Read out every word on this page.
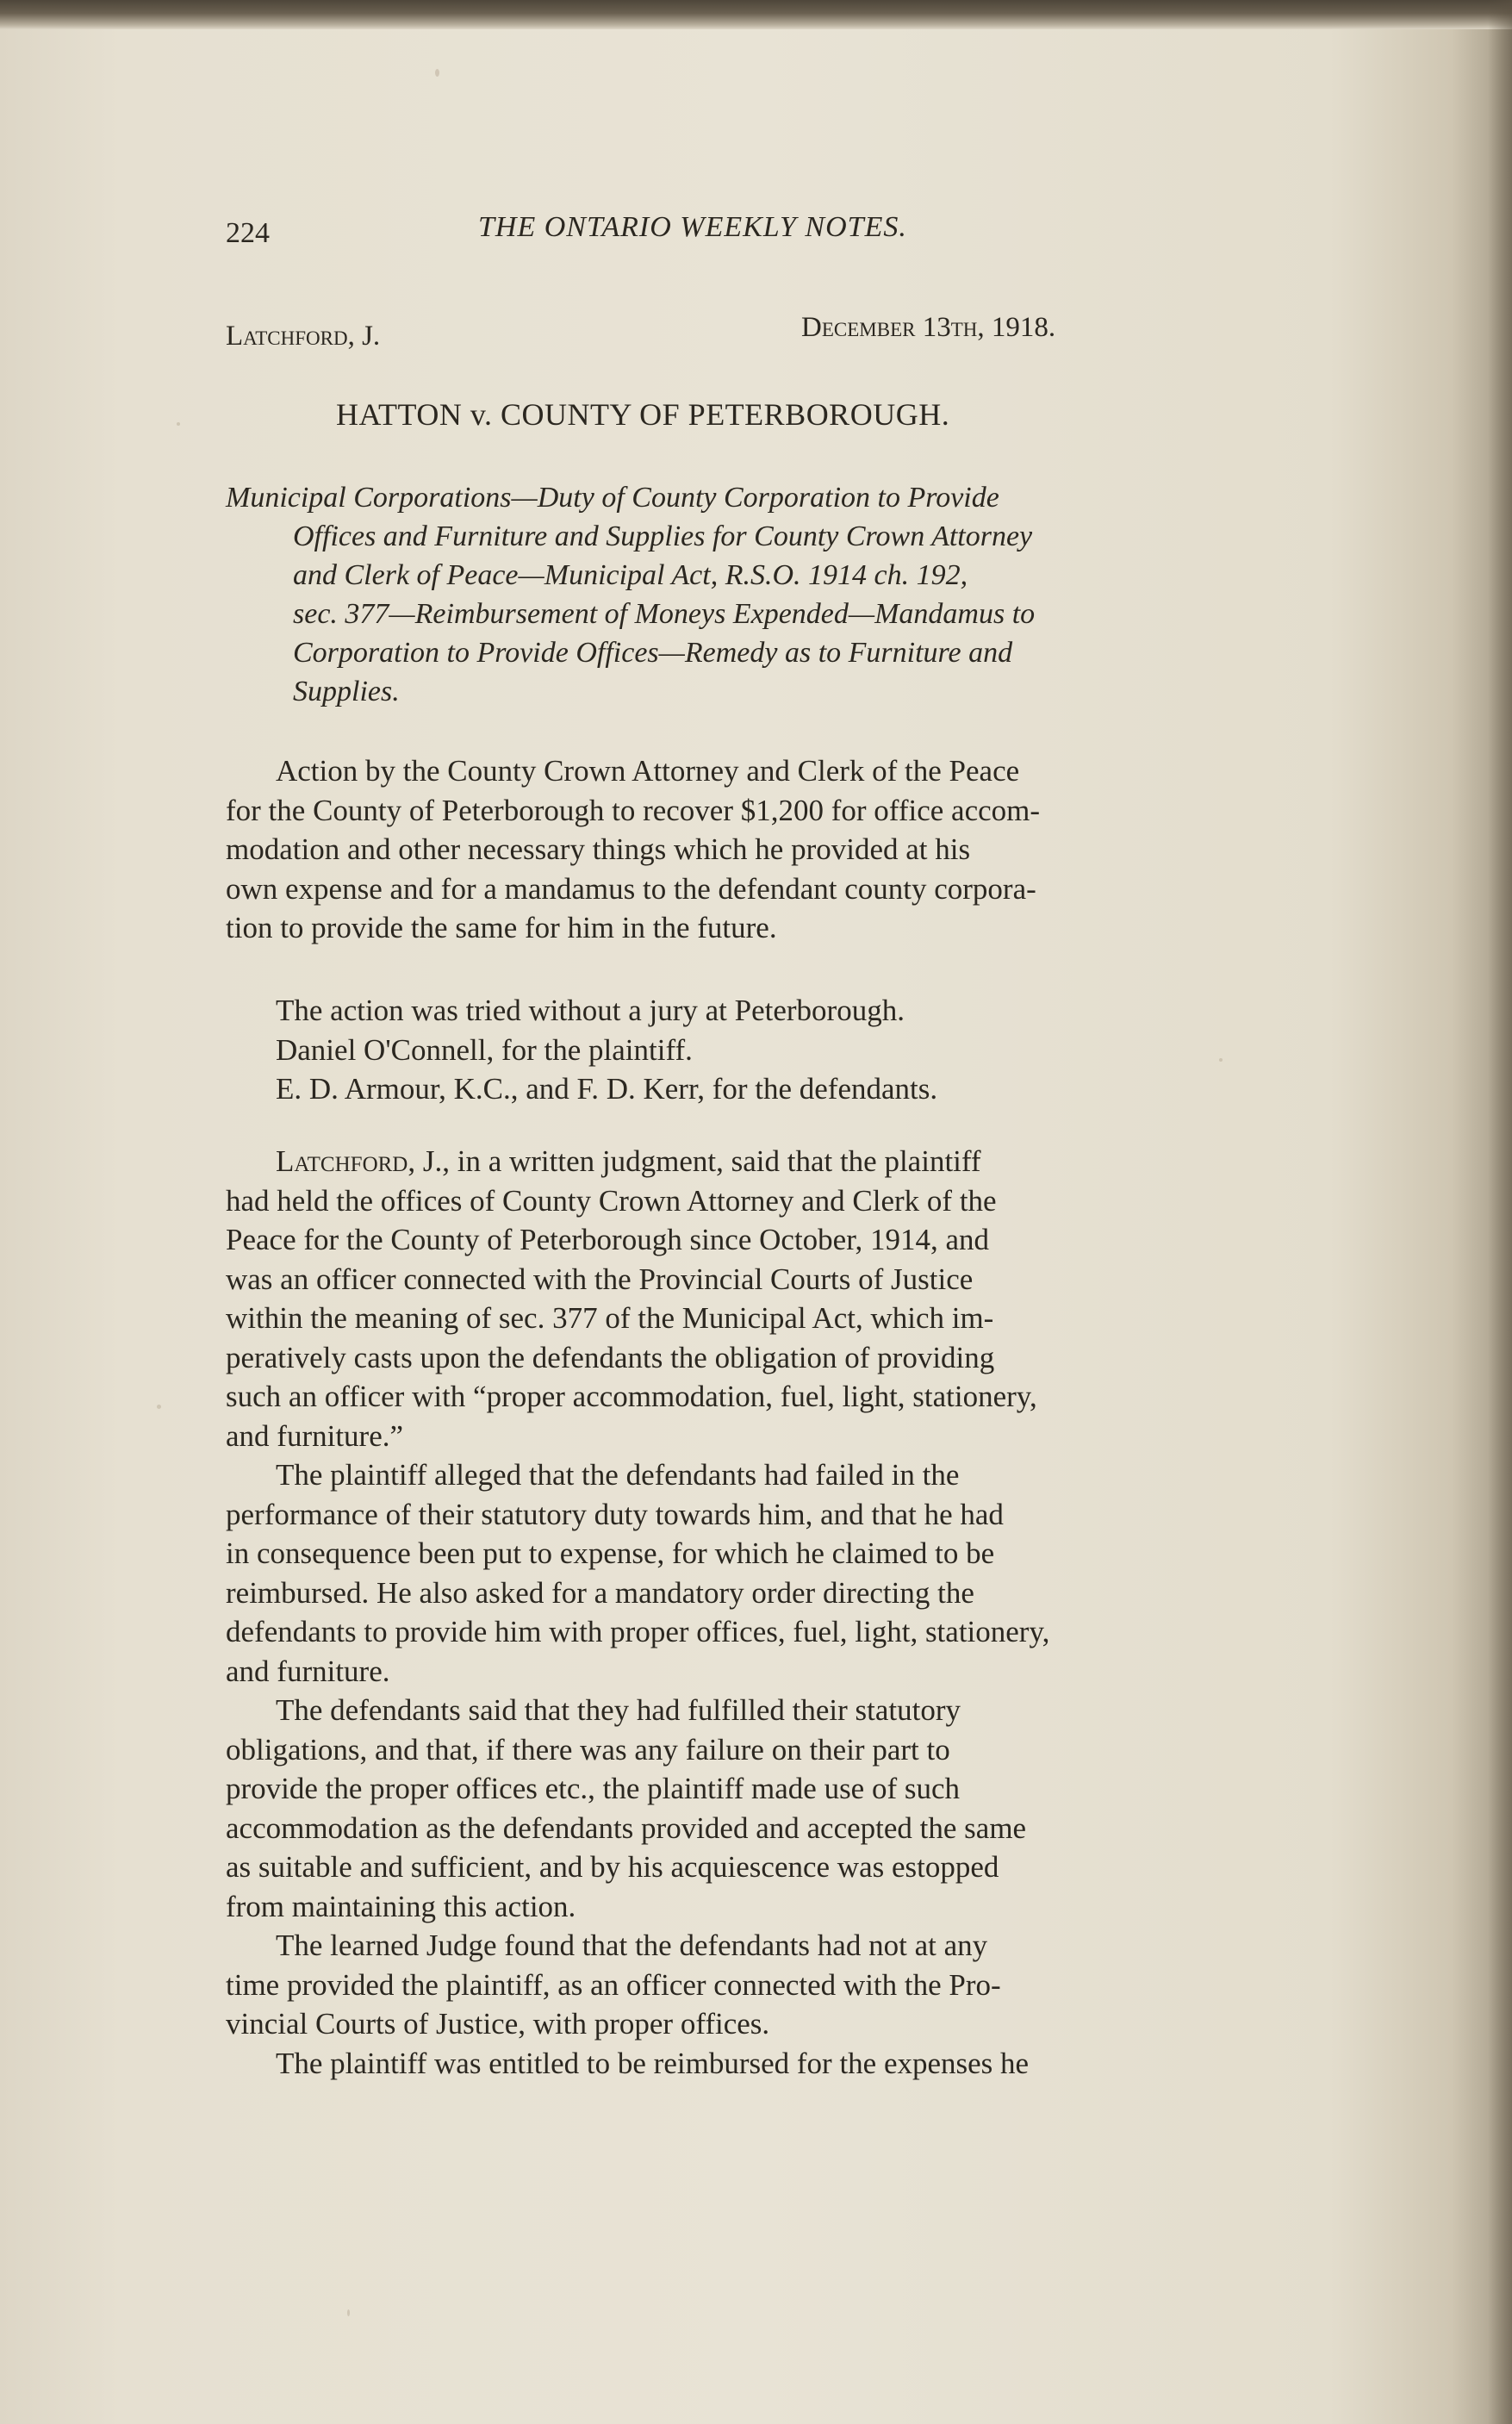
224	THE ONTARIO WEEKLY NOTES.
Latchford, J.	December 13th, 1918.
HATTON v. COUNTY OF PETERBOROUGH.
Municipal Corporations—Duty of County Corporation to Provide
Offices and Furniture and Supplies for County Crown Attorney
and Clerk of Peace—Municipal Act, R.S.O. 1914 ch. 192,
sec. 377—Reimbursement of Moneys Expended—Mandamus to
Corporation to Provide Offices—Remedy as to Furniture and
Supplies.
Action by the County Crown Attorney and Clerk of the Peace
for the County of Peterborough to recover $1,200 for office accom-
modation and other necessary things which he provided at his
own expense and for a mandamus to the defendant county corpora-
tion to provide the same for him in the future.
The action was tried without a jury at Peterborough.
Daniel O'Connell, for the plaintiff.
E. D. Armour, K.C., and F. D. Kerr, for the defendants.
Latchford, J., in a written judgment, said that the plaintiff
had held the offices of County Crown Attorney and Clerk of the
Peace for the County of Peterborough since October, 1914, and
was an officer connected with the Provincial Courts of Justice
within the meaning of sec. 377 of the Municipal Act, which im-
peratively casts upon the defendants the obligation of providing
such an officer with “proper accommodation, fuel, light, stationery,
and furniture.”
The plaintiff alleged that the defendants had failed in the
performance of their statutory duty towards him, and that he had
in consequence been put to expense, for which he claimed to be
reimbursed. He also asked for a mandatory order directing the
defendants to provide him with proper offices, fuel, light, stationery,
and furniture.
The defendants said that they had fulfilled their statutory
obligations, and that, if there was any failure on their part to
provide the proper offices etc., the plaintiff made use of such
accommodation as the defendants provided and accepted the same
as suitable and sufficient, and by his acquiescence was estopped
from maintaining this action.
The learned Judge found that the defendants had not at any
time provided the plaintiff, as an officer connected with the Pro-
vincial Courts of Justice, with proper offices.
The plaintiff was entitled to be reimbursed for the expenses he
